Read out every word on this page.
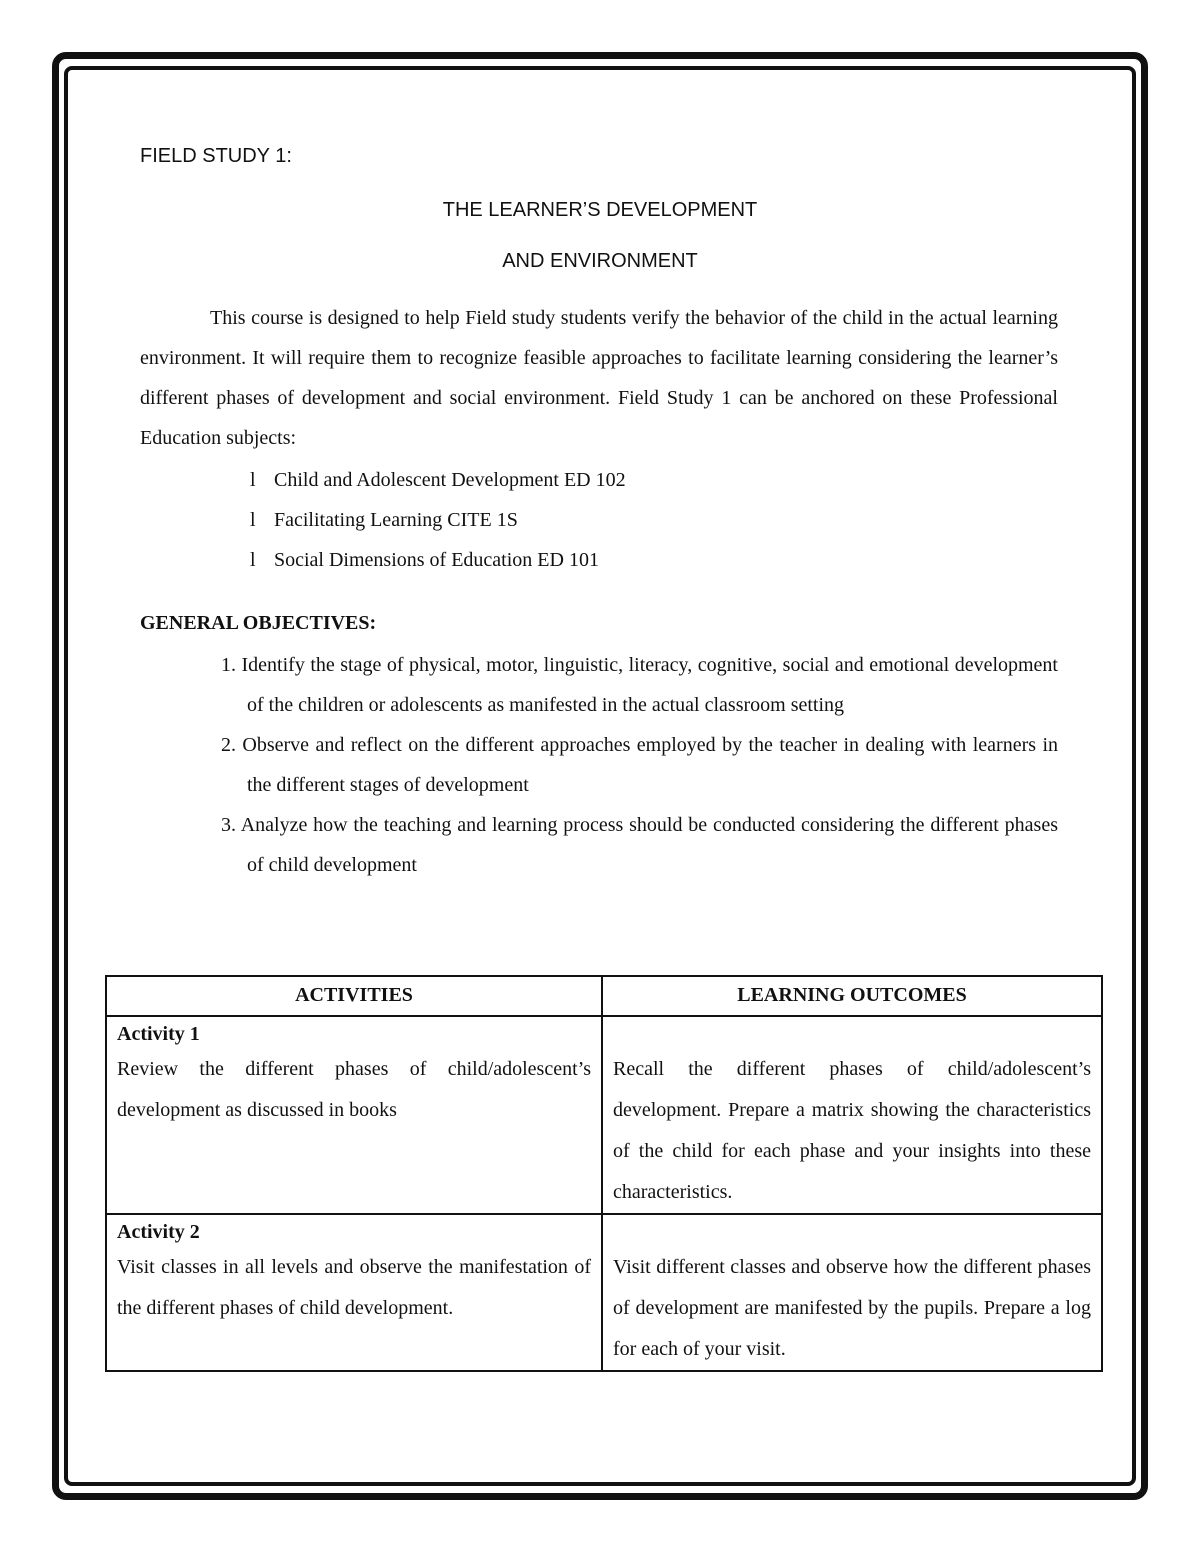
FIELD STUDY 1:
THE LEARNER’S DEVELOPMENT
AND ENVIRONMENT

This course is designed to help Field study students verify the behavior of the child in the actual learning environment. It will require them to recognize feasible approaches to facilitate learning considering the learner’s different phases of development and social environment. Field Study 1 can be anchored on these Professional Education subjects:

l Child and Adolescent Development ED 102
l Facilitating Learning CITE 1S
l Social Dimensions of Education ED 101
GENERAL OBJECTIVES:
1. Identify the stage of physical, motor, linguistic, literacy, cognitive, social and emotional development of the children or adolescents as manifested in the actual classroom setting
2. Observe and reflect on the different approaches employed by the teacher in dealing with learners in the different stages of development
3. Analyze how the teaching and learning process should be conducted considering the different phases of child development
ACTIVITIES	LEARNING OUTCOMES

Activity 1
Review the different phases of child/adolescent’s development as discussed in books	Recall the different phases of child/adolescent’s development. Prepare a matrix showing the characteristics of the child for each phase and your insights into these characteristics.

Activity 2
Visit classes in all levels and observe the manifestation of the different phases of child development.	Visit different classes and observe how the different phases of development are manifested by the pupils. Prepare a log for each of your visit.
